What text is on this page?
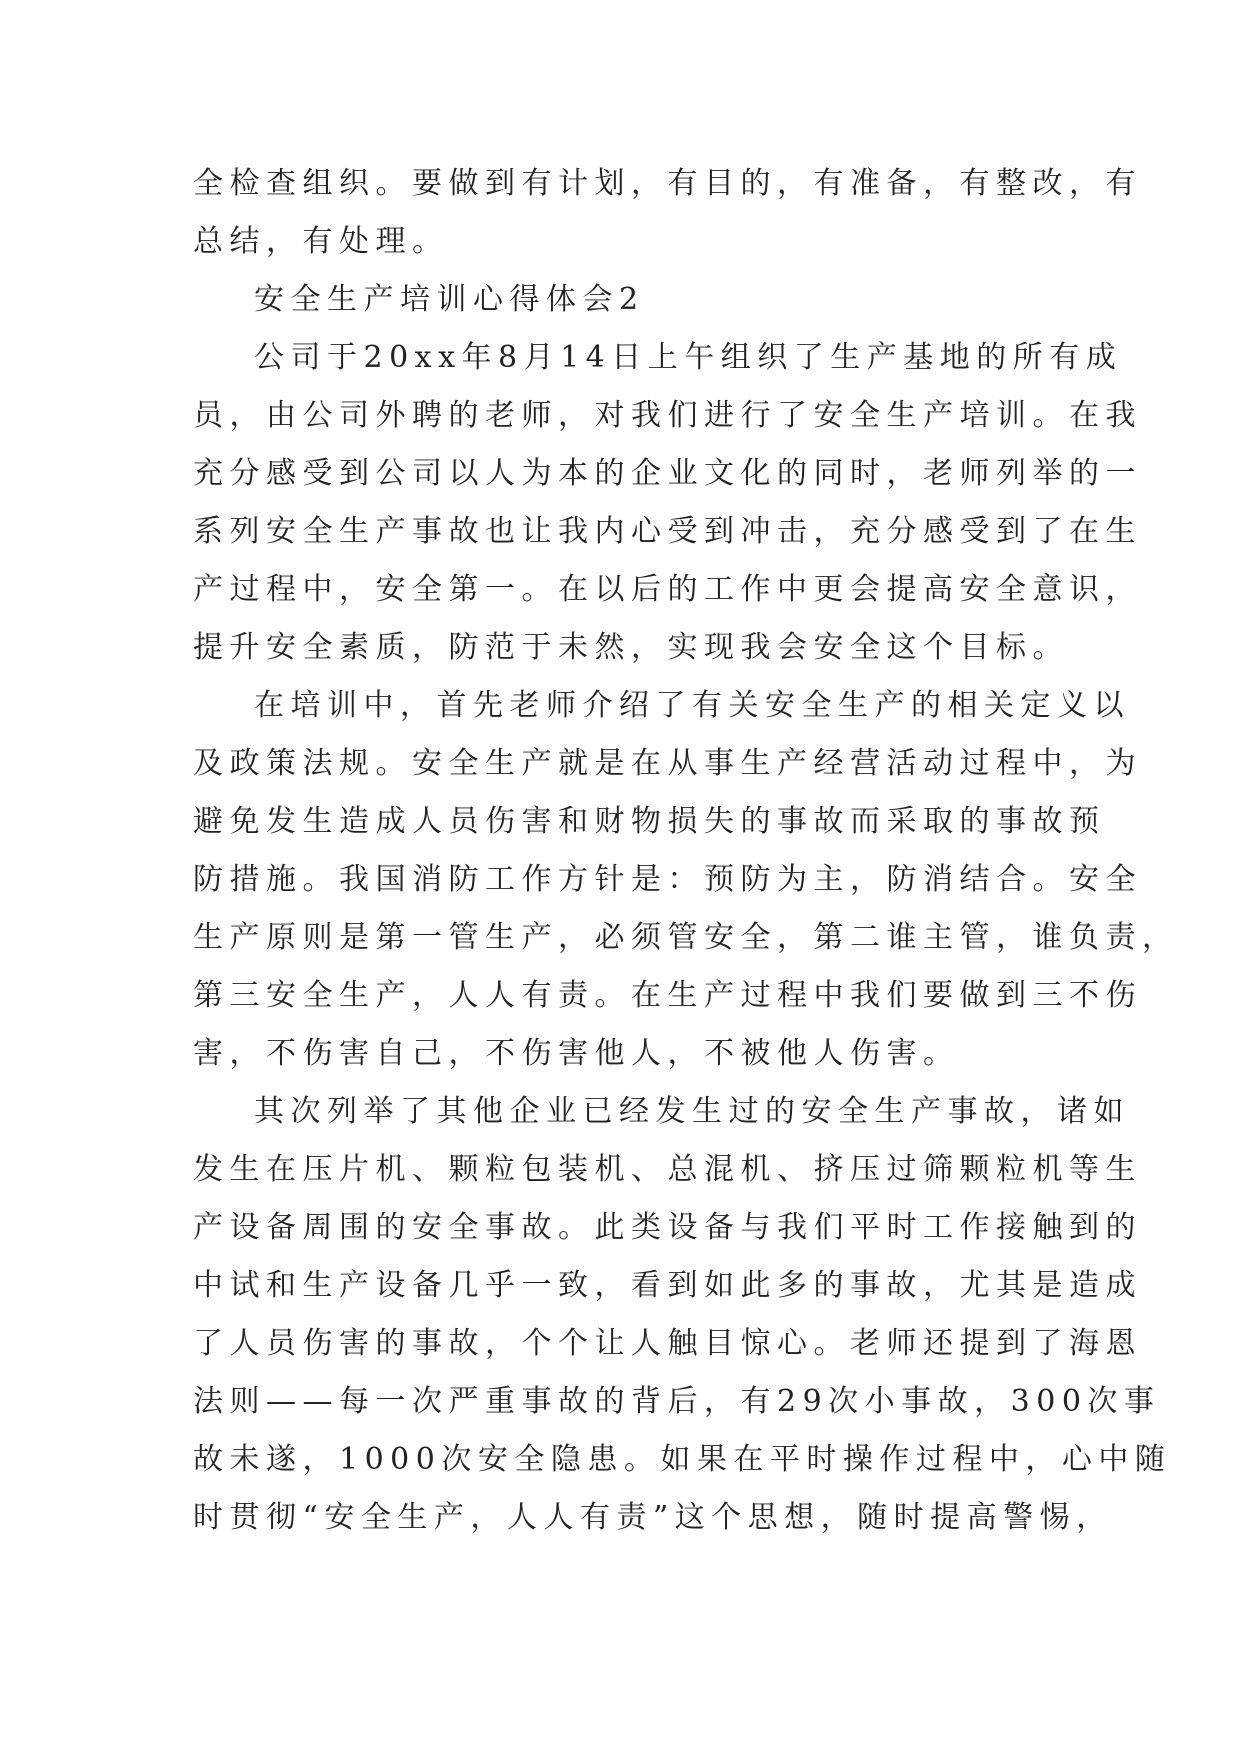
全检查组织。要做到有计划，有目的，有准备，有整改，有
总结，有处理。
安全生产培训心得体会2
公司于20xx年8月14日上午组织了生产基地的所有成
员，由公司外聘的老师，对我们进行了安全生产培训。在我
充分感受到公司以人为本的企业文化的同时，老师列举的一
系列安全生产事故也让我内心受到冲击，充分感受到了在生
产过程中，安全第一。在以后的工作中更会提高安全意识，
提升安全素质，防范于未然，实现我会安全这个目标。
在培训中，首先老师介绍了有关安全生产的相关定义以
及政策法规。安全生产就是在从事生产经营活动过程中，为
避免发生造成人员伤害和财物损失的事故而采取的事故预
防措施。我国消防工作方针是：预防为主，防消结合。安全
生产原则是第一管生产，必须管安全，第二谁主管，谁负责，
第三安全生产，人人有责。在生产过程中我们要做到三不伤
害，不伤害自己，不伤害他人，不被他人伤害。
其次列举了其他企业已经发生过的安全生产事故，诸如
发生在压片机、颗粒包装机、总混机、挤压过筛颗粒机等生
产设备周围的安全事故。此类设备与我们平时工作接触到的
中试和生产设备几乎一致，看到如此多的事故，尤其是造成
了人员伤害的事故，个个让人触目惊心。老师还提到了海恩
法则——每一次严重事故的背后，有29次小事故，300次事
故未遂，1000次安全隐患。如果在平时操作过程中，心中随
时贯彻“安全生产，人人有责”这个思想，随时提高警惕，
